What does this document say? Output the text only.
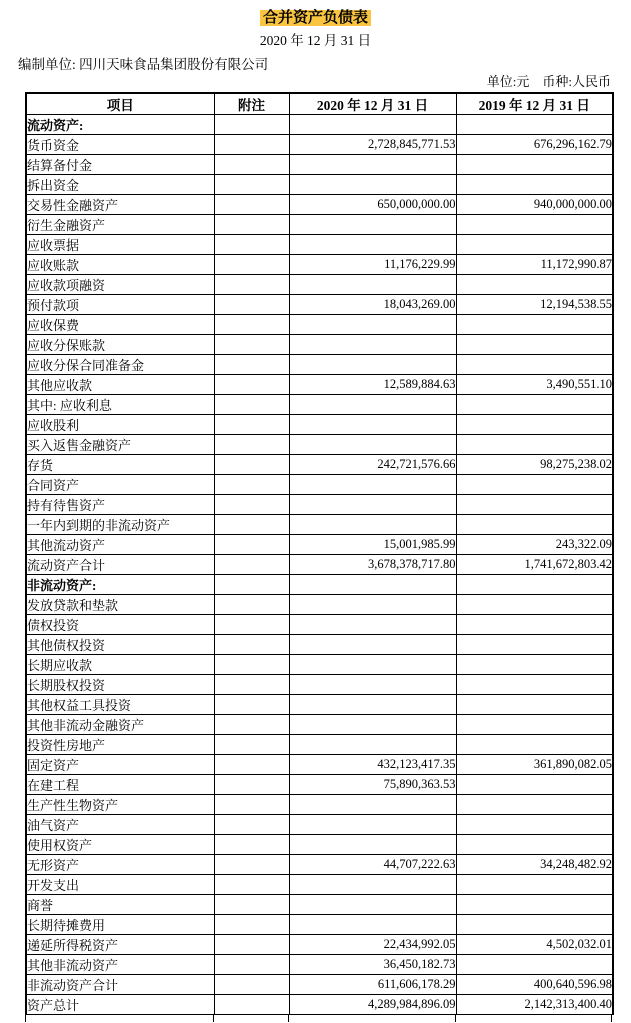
合并资产负债表
2020 年 12 月 31 日
编制单位: 四川天味食品集团股份有限公司
单位:元　币种:人民币
项目	附注	2020 年 12 月 31 日	2019 年 12 月 31 日
流动资产:			
货币资金		2,728,845,771.53	676,296,162.79
结算备付金			
拆出资金			
交易性金融资产		650,000,000.00	940,000,000.00
衍生金融资产			
应收票据			
应收账款		11,176,229.99	11,172,990.87
应收款项融资			
预付款项		18,043,269.00	12,194,538.55
应收保费			
应收分保账款			
应收分保合同准备金			
其他应收款		12,589,884.63	3,490,551.10
其中: 应收利息			
应收股利			
买入返售金融资产			
存货		242,721,576.66	98,275,238.02
合同资产			
持有待售资产			
一年内到期的非流动资产			
其他流动资产		15,001,985.99	243,322.09
流动资产合计		3,678,378,717.80	1,741,672,803.42
非流动资产:			
发放贷款和垫款			
债权投资			
其他债权投资			
长期应收款			
长期股权投资			
其他权益工具投资			
其他非流动金融资产			
投资性房地产			
固定资产		432,123,417.35	361,890,082.05
在建工程		75,890,363.53	
生产性生物资产			
油气资产			
使用权资产			
无形资产		44,707,222.63	34,248,482.92
开发支出			
商誉			
长期待摊费用			
递延所得税资产		22,434,992.05	4,502,032.01
其他非流动资产		36,450,182.73	
非流动资产合计		611,606,178.29	400,640,596.98
资产总计		4,289,984,896.09	2,142,313,400.40
